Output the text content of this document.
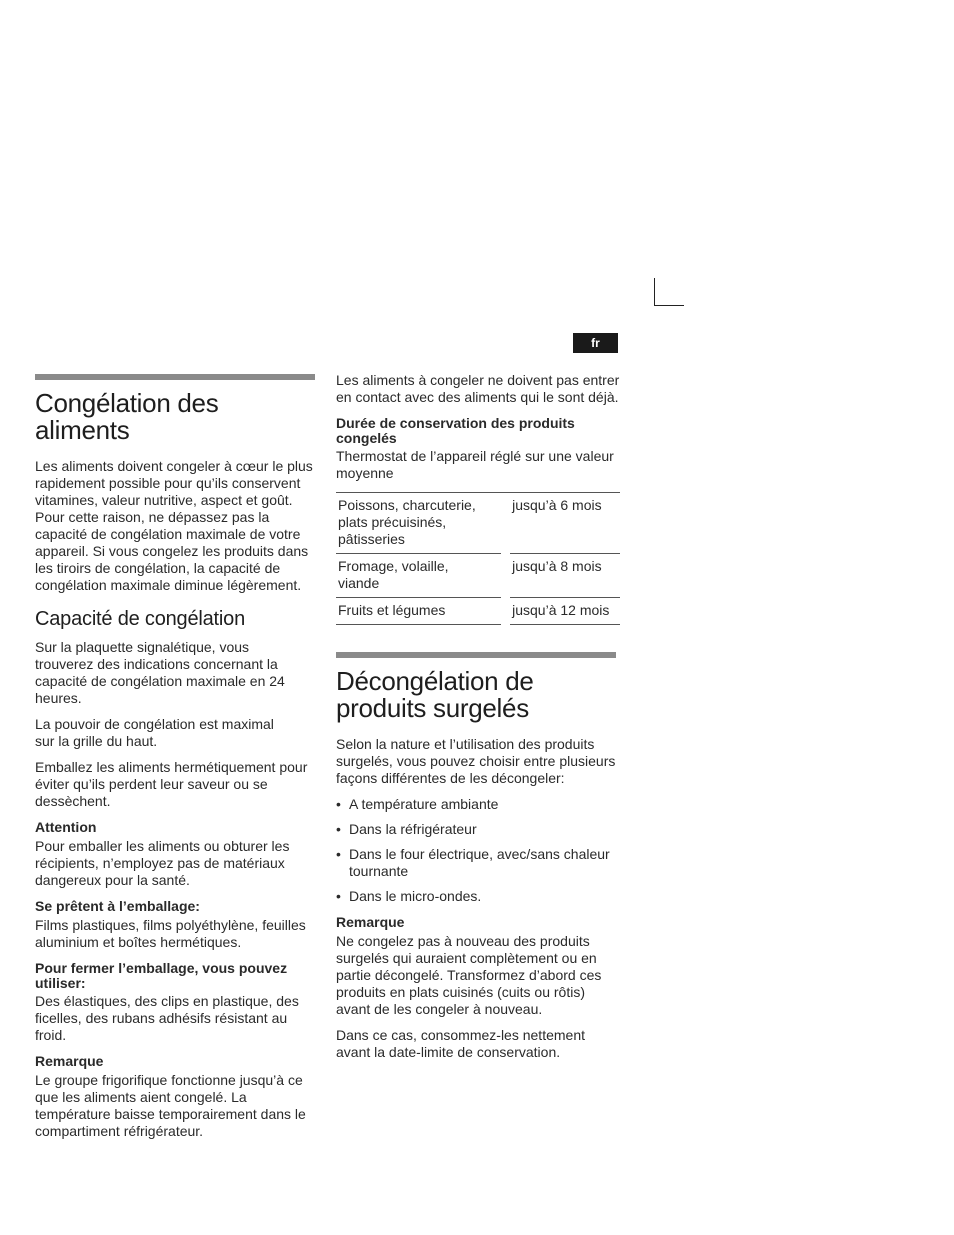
fr
Congélation des aliments

Les aliments doivent congeler à cœur le plus rapidement possible pour qu’ils conservent vitamines, valeur nutritive, aspect et goût. Pour cette raison, ne dépassez pas la capacité de congélation maximale de votre appareil. Si vous congelez les produits dans les tiroirs de congélation, la capacité de congélation maximale diminue légèrement.

Capacité de congélation

Sur la plaquette signalétique, vous trouverez des indications concernant la capacité de congélation maximale en 24 heures.

La pouvoir de congélation est maximal sur la grille du haut.

Emballez les aliments hermétiquement pour éviter qu’ils perdent leur saveur ou se dessèchent.

Attention

Pour emballer les aliments ou obturer les récipients, n’employez pas de matériaux dangereux pour la santé.

Se prêtent à l’emballage:

Films plastiques, films polyéthylène, feuilles aluminium et boîtes hermétiques.

Pour fermer l’emballage, vous pouvez utiliser:

Des élastiques, des clips en plastique, des ficelles, des rubans adhésifs résistant au froid.

Remarque

Le groupe frigorifique fonctionne jusqu’à ce que les aliments aient congelé. La température baisse temporairement dans le compartiment réfrigérateur.

Les aliments à congeler ne doivent pas entrer en contact avec des aliments qui le sont déjà.

Durée de conservation des produits congelés

Thermostat de l’appareil réglé sur une valeur moyenne

Poissons, charcuterie, plats précuisinés, pâtisseries		jusqu’à 6 mois
Fromage, volaille, viande		jusqu’à 8 mois
Fruits et légumes		jusqu’à 12 mois
Décongélation de produits surgelés

Selon la nature et l’utilisation des produits surgelés, vous pouvez choisir entre plusieurs façons différentes de les décongeler:

• A température ambiante
• Dans la réfrigérateur
• Dans le four électrique, avec/sans chaleur tournante
• Dans le micro-ondes.
Remarque

Ne congelez pas à nouveau des produits surgelés qui auraient complètement ou en partie décongelé. Transformez d’abord ces produits en plats cuisinés (cuits ou rôtis) avant de les congeler à nouveau.

Dans ce cas, consommez-les nettement avant la date-limite de conservation.
